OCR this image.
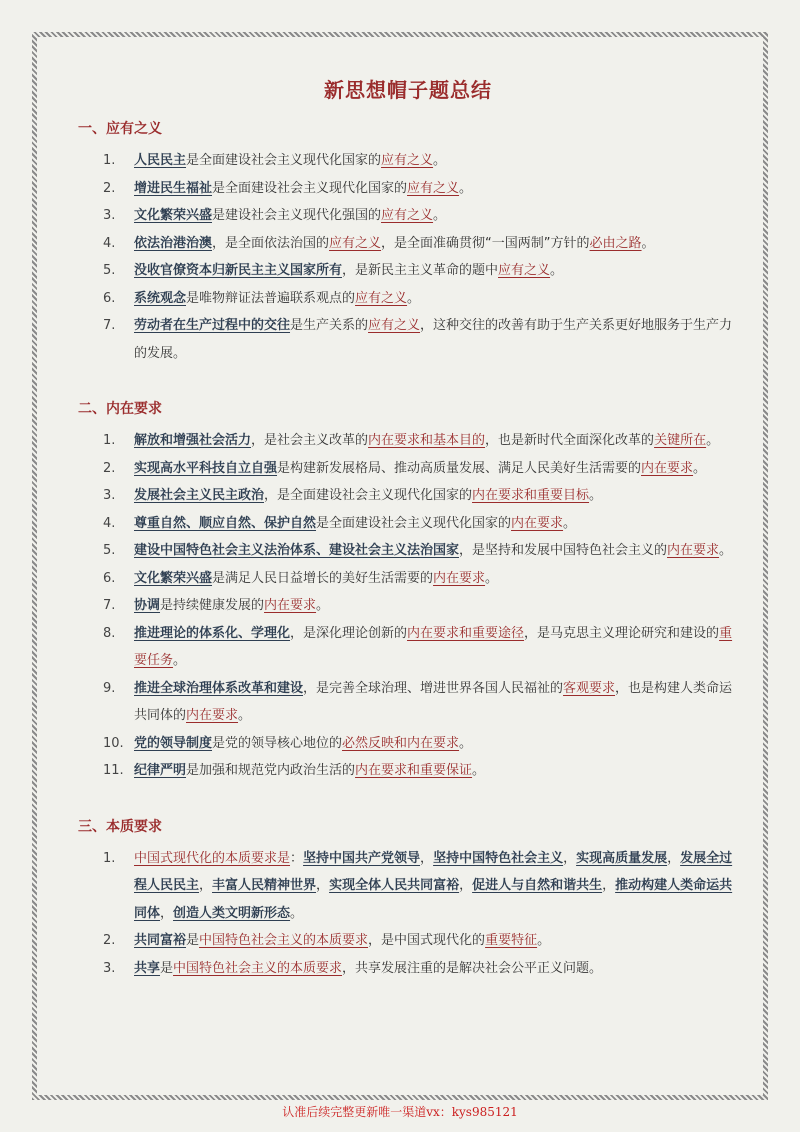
新思想帽子题总结
一、应有之义
1.	人民民主是全面建设社会主义现代化国家的应有之义。
2.	增进民生福祉是全面建设社会主义现代化国家的应有之义。
3.	文化繁荣兴盛是建设社会主义现代化强国的应有之义。
4.	依法治港治澳，是全面依法治国的应有之义，是全面准确贯彻“一国两制”方针的必由之路。
5.	没收官僚资本归新民主主义国家所有，是新民主主义革命的题中应有之义。
6.	系统观念是唯物辩证法普遍联系观点的应有之义。
7.	劳动者在生产过程中的交往是生产关系的应有之义，这种交往的改善有助于生产关系更好地服务于生产力的发展。
二、内在要求
1.	解放和增强社会活力，是社会主义改革的内在要求和基本目的，也是新时代全面深化改革的关键所在。
2.	实现高水平科技自立自强是构建新发展格局、推动高质量发展、满足人民美好生活需要的内在要求。
3.	发展社会主义民主政治，是全面建设社会主义现代化国家的内在要求和重要目标。
4.	尊重自然、顺应自然、保护自然是全面建设社会主义现代化国家的内在要求。
5.	建设中国特色社会主义法治体系、建设社会主义法治国家，是坚持和发展中国特色社会主义的内在要求。
6.	文化繁荣兴盛是满足人民日益增长的美好生活需要的内在要求。
7.	协调是持续健康发展的内在要求。
8.	推进理论的体系化、学理化，是深化理论创新的内在要求和重要途径，是马克思主义理论研究和建设的重要任务。
9.	推进全球治理体系改革和建设，是完善全球治理、增进世界各国人民福祉的客观要求，也是构建人类命运共同体的内在要求。
10. 党的领导制度是党的领导核心地位的必然反映和内在要求。
11. 纪律严明是加强和规范党内政治生活的内在要求和重要保证。
三、本质要求
1.	中国式现代化的本质要求是：坚持中国共产党领导，坚持中国特色社会主义，实现高质量发展，发展全过程人民民主，丰富人民精神世界，实现全体人民共同富裕，促进人与自然和谐共生，推动构建人类命运共同体，创造人类文明新形态。
2.	共同富裕是中国特色社会主义的本质要求，是中国式现代化的重要特征。
3.	共享是中国特色社会主义的本质要求，共享发展注重的是解决社会公平正义问题。
认准后续完整更新唯一渠道vx：kys985121
